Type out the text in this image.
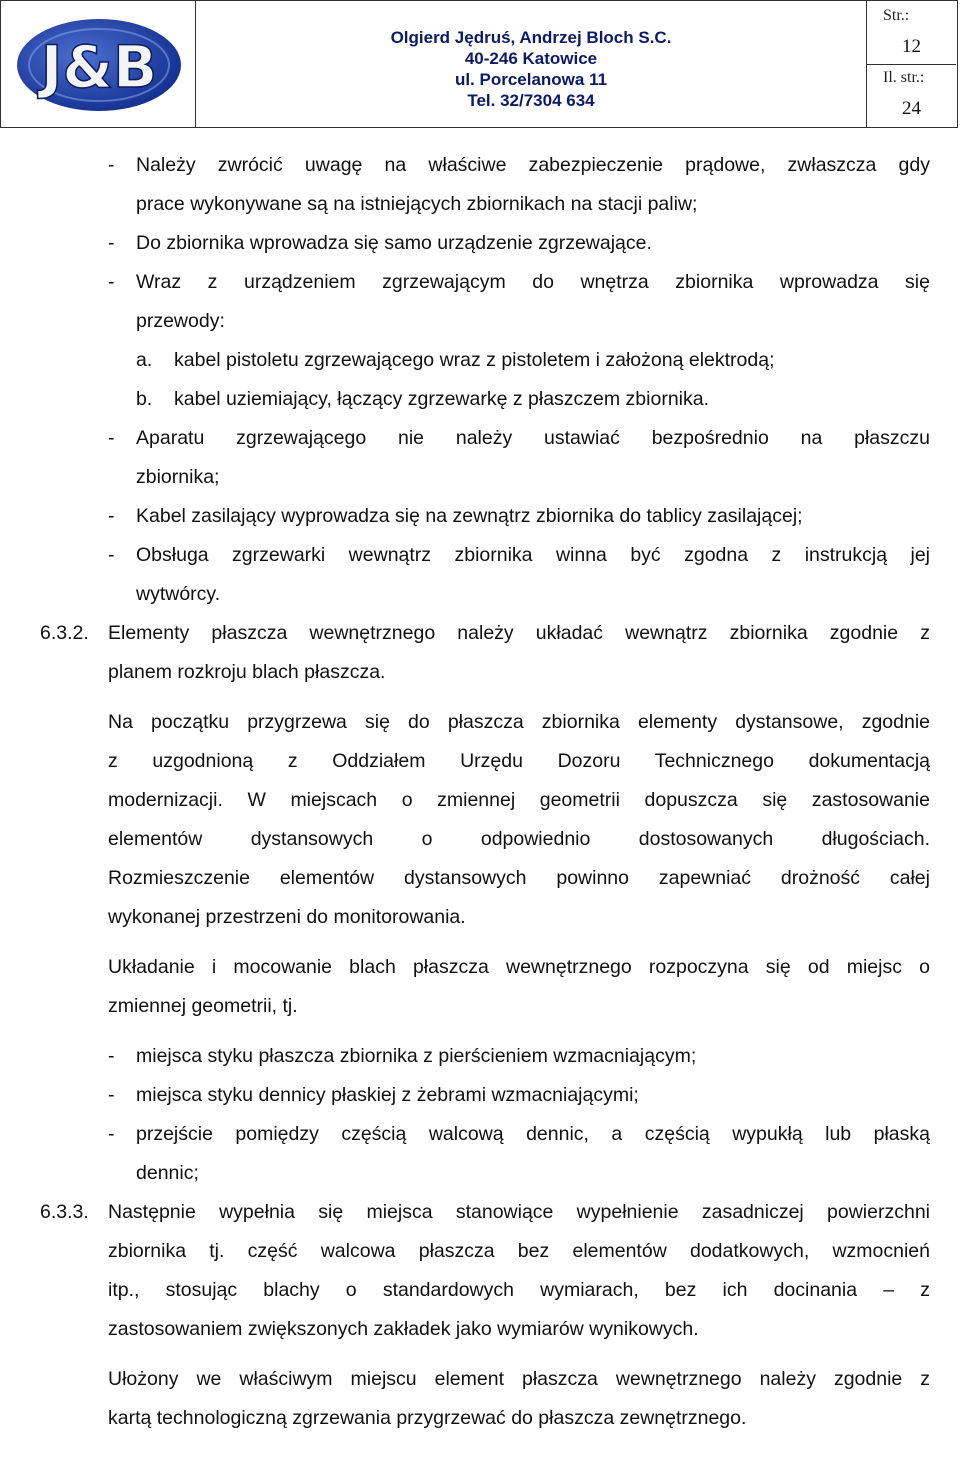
J&B	Olgierd Jędruś, Andrzej Bloch S.C.
40-246 Katowice
ul. Porcelanowa 11
Tel. 32/7304 634
Str.:
12
Il. str.:
24
- Należy zwrócić uwagę na właściwe zabezpieczenie prądowe, zwłaszcza gdy
prace wykonywane są na istniejących zbiornikach na stacji paliw;
- Do zbiornika wprowadza się samo urządzenie zgrzewające.
- Wraz z urządzeniem zgrzewającym do wnętrza zbiornika wprowadza się
przewody:
a. kabel pistoletu zgrzewającego wraz z pistoletem i założoną elektrodą;
b. kabel uziemiający, łączący zgrzewarkę z płaszczem zbiornika.
- Aparatu zgrzewającego nie należy ustawiać bezpośrednio na płaszczu
zbiornika;
- Kabel zasilający wyprowadza się na zewnątrz zbiornika do tablicy zasilającej;
- Obsługa zgrzewarki wewnątrz zbiornika winna być zgodna z instrukcją jej
wytwórcy.
6.3.2. Elementy płaszcza wewnętrznego należy układać wewnątrz zbiornika zgodnie z
planem rozkroju blach płaszcza.
Na początku przygrzewa się do płaszcza zbiornika elementy dystansowe, zgodnie
z uzgodnioną z Oddziałem Urzędu Dozoru Technicznego dokumentacją
modernizacji. W miejscach o zmiennej geometrii dopuszcza się zastosowanie
elementów dystansowych o odpowiednio dostosowanych długościach.
Rozmieszczenie elementów dystansowych powinno zapewniać drożność całej
wykonanej przestrzeni do monitorowania.
Układanie i mocowanie blach płaszcza wewnętrznego rozpoczyna się od miejsc o
zmiennej geometrii, tj.
- miejsca styku płaszcza zbiornika z pierścieniem wzmacniającym;
- miejsca styku dennicy płaskiej z żebrami wzmacniającymi;
- przejście pomiędzy częścią walcową dennic, a częścią wypukłą lub płaską
dennic;
6.3.3. Następnie wypełnia się miejsca stanowiące wypełnienie zasadniczej powierzchni
zbiornika tj. część walcowa płaszcza bez elementów dodatkowych, wzmocnień
itp., stosując blachy o standardowych wymiarach, bez ich docinania – z
zastosowaniem zwiększonych zakładek jako wymiarów wynikowych.
Ułożony we właściwym miejscu element płaszcza wewnętrznego należy zgodnie z
kartą technologiczną zgrzewania przygrzewać do płaszcza zewnętrznego.
